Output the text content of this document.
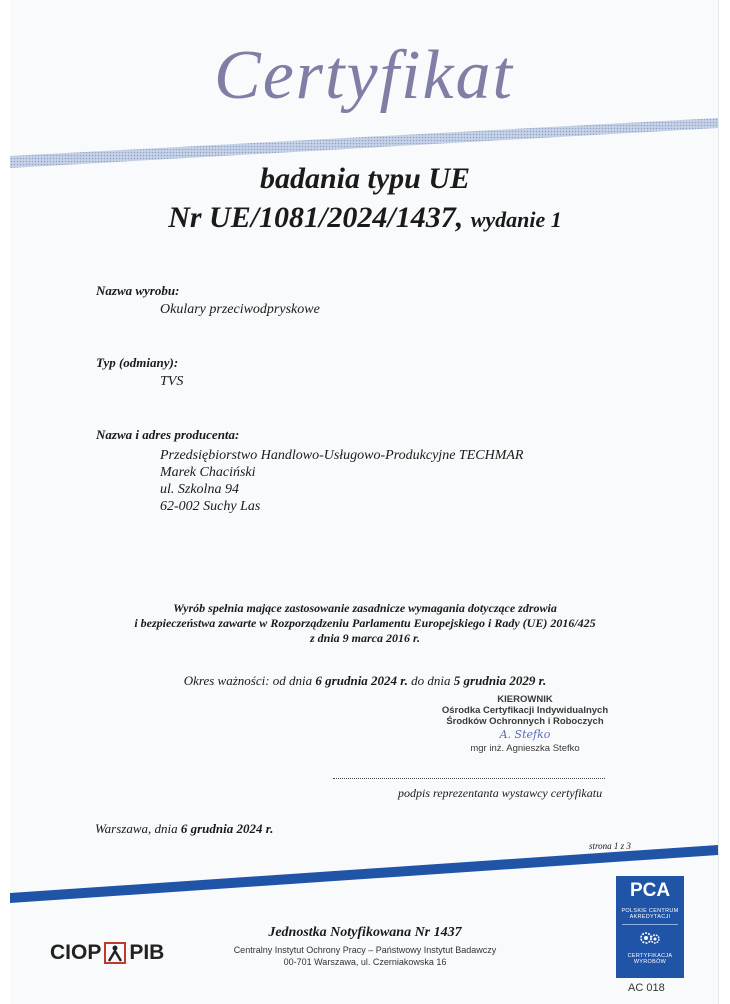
Certyfikat
badania typu UE
Nr UE/1081/2024/1437, wydanie 1
Nazwa wyrobu:
Okulary przeciwodpryskowe
Typ (odmiany):
TVS
Nazwa i adres producenta:
Przedsiębiorstwo Handlowo-Usługowo-Produkcyjne TECHMAR
Marek Chaciński
ul. Szkolna 94
62-002 Suchy Las
Wyrób spełnia mające zastosowanie zasadnicze wymagania dotyczące zdrowia
i bezpieczeństwa zawarte w Rozporządzeniu Parlamentu Europejskiego i Rady (UE) 2016/425
z dnia 9 marca 2016 r.
Okres ważności: od dnia 6 grudnia 2024 r. do dnia 5 grudnia 2029 r.
KIEROWNIK
Ośrodka Certyfikacji Indywidualnych
Środków Ochronnych i Roboczych
A. Stefko
mgr inż. Agnieszka Stefko
podpis reprezentanta wystawcy certyfikatu
Warszawa, dnia 6 grudnia 2024 r.
strona 1 z 3
Jednostka Notyfikowana Nr 1437
Centralny Instytut Ochrony Pracy – Państwowy Instytut Badawczy
00-701 Warszawa, ul. Czerniakowska 16
CIOP PIB
PCA
POLSKIE CENTRUM
AKREDYTACJI
CERTYFIKACJA
WYROBÓW
AC 018
